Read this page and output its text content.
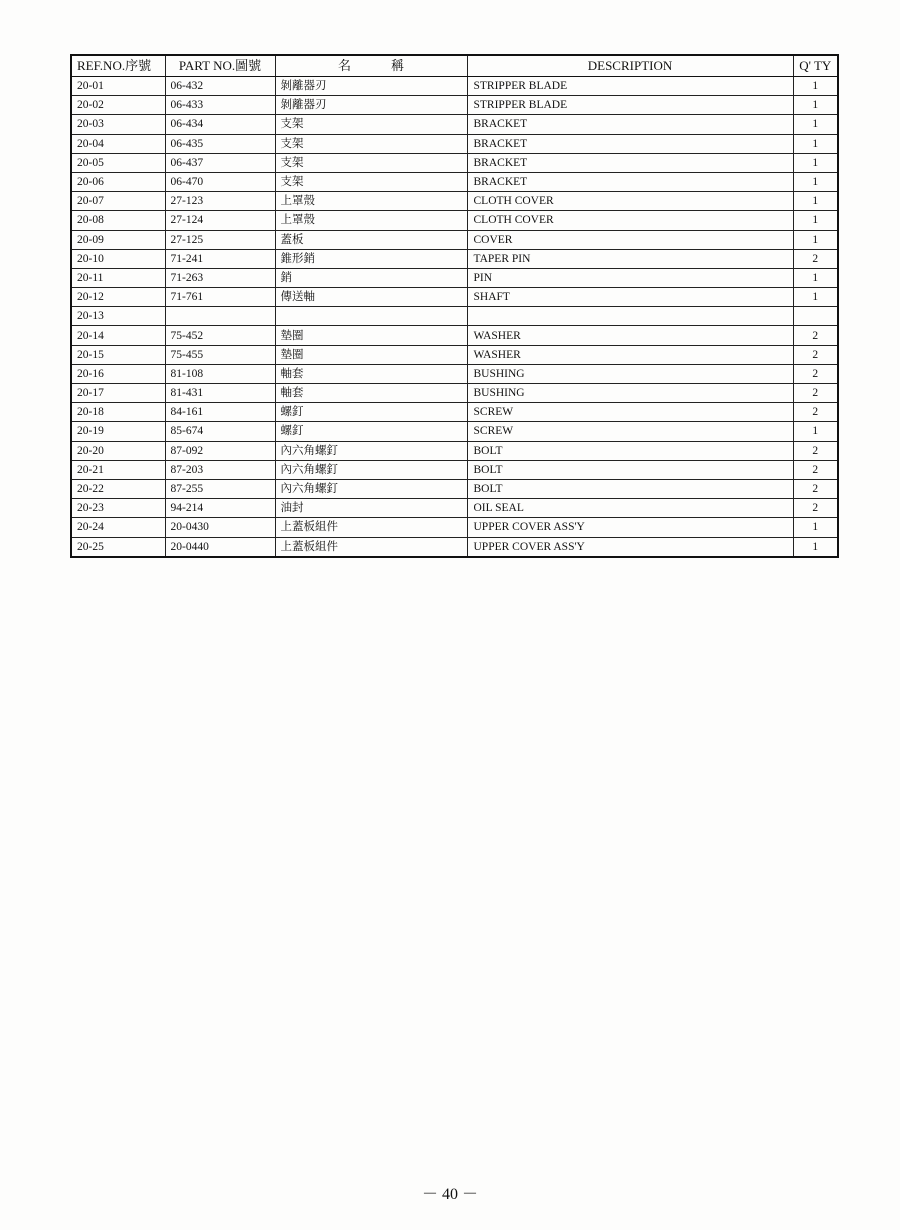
REF.NO.序號	PART NO.圖號	名稱	DESCRIPTION	Q' TY
20-01	06-432	剝離器刃	STRIPPER BLADE	1
20-02	06-433	剝離器刃	STRIPPER BLADE	1
20-03	06-434	支架	BRACKET	1
20-04	06-435	支架	BRACKET	1
20-05	06-437	支架	BRACKET	1
20-06	06-470	支架	BRACKET	1
20-07	27-123	上罩殼	CLOTH COVER	1
20-08	27-124	上罩殼	CLOTH COVER	1
20-09	27-125	蓋板	COVER	1
20-10	71-241	錐形銷	TAPER PIN	2
20-11	71-263	銷	PIN	1
20-12	71-761	傳送軸	SHAFT	1
20-13				
20-14	75-452	墊圈	WASHER	2
20-15	75-455	墊圈	WASHER	2
20-16	81-108	軸套	BUSHING	2
20-17	81-431	軸套	BUSHING	2
20-18	84-161	螺釘	SCREW	2
20-19	85-674	螺釘	SCREW	1
20-20	87-092	內六角螺釘	BOLT	2
20-21	87-203	內六角螺釘	BOLT	2
20-22	87-255	內六角螺釘	BOLT	2
20-23	94-214	油封	OIL SEAL	2
20-24	20-0430	上蓋板組件	UPPER COVER ASS'Y	1
20-25	20-0440	上蓋板組件	UPPER COVER ASS'Y	1
－ 40 －
